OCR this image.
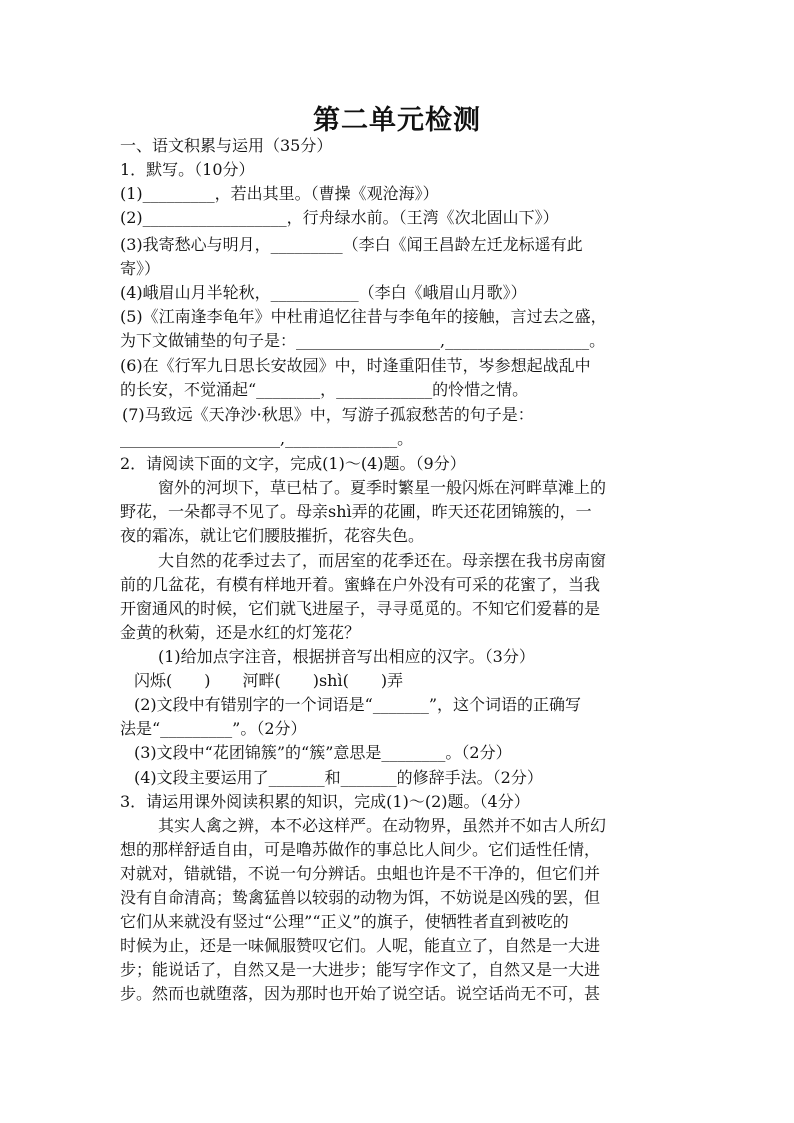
第二单元检测
一、语文积累与运用（35分）
1．默写。（10分）
(1)_________，若出其里。（曹操《观沧海》）
(2)__________________，行舟绿水前。（王湾《次北固山下》）
(3)我寄愁心与明月，_________（李白《闻王昌龄左迁龙标遥有此
寄》）
(4)峨眉山月半轮秋，___________（李白《峨眉山月歌》）
(5)《江南逢李龟年》中杜甫追忆往昔与李龟年的接触，言过去之盛，
为下文做铺垫的句子是：__________________,__________________。
(6)在《行军九日思长安故园》中，时逢重阳佳节，岑参想起战乱中
的长安，不觉涌起“________，____________的怜惜之情。
(7)马致远《天净沙·秋思》中，写游子孤寂愁苦的句子是：
____________________,______________。
2．请阅读下面的文字，完成(1)～(4)题。（9分）
窗外的河坝下，草已枯了。夏季时繁星一般闪烁在河畔草滩上的
野花，一朵都寻不见了。母亲shì弄的花圃，昨天还花团锦簇的，一
夜的霜冻，就让它们腰肢摧折，花容失色。
大自然的花季过去了，而居室的花季还在。母亲摆在我书房南窗
前的几盆花，有模有样地开着。蜜蜂在户外没有可采的花蜜了，当我
开窗通风的时候，它们就飞进屋子，寻寻觅觅的。不知它们爱暮的是
金黄的秋菊，还是水红的灯笼花？
(1)给加点字注音，根据拼音写出相应的汉字。（3分）
闪烁(　　)　　河畔(　　)shì(　　)弄
(2)文段中有错别字的一个词语是“_______”，这个词语的正确写
法是“_________”。（2分）
(3)文段中“花团锦簇”的“簇”意思是________。（2分）
(4)文段主要运用了_______和_______的修辞手法。（2分）
3．请运用课外阅读积累的知识，完成(1)～(2)题。（4分）
其实人禽之辨，本不必这样严。在动物界，虽然并不如古人所幻
想的那样舒适自由，可是噜苏做作的事总比人间少。它们适性任情，
对就对，错就错，不说一句分辨话。虫蛆也许是不干净的，但它们并
没有自命清高；鸷禽猛兽以较弱的动物为饵，不妨说是凶残的罢，但
它们从来就没有竖过“公理”“正义”的旗子，使牺牲者直到被吃的
时候为止，还是一味佩服赞叹它们。人呢，能直立了，自然是一大进
步；能说话了，自然又是一大进步；能写字作文了，自然又是一大进
步。然而也就堕落，因为那时也开始了说空话。说空话尚无不可，甚
